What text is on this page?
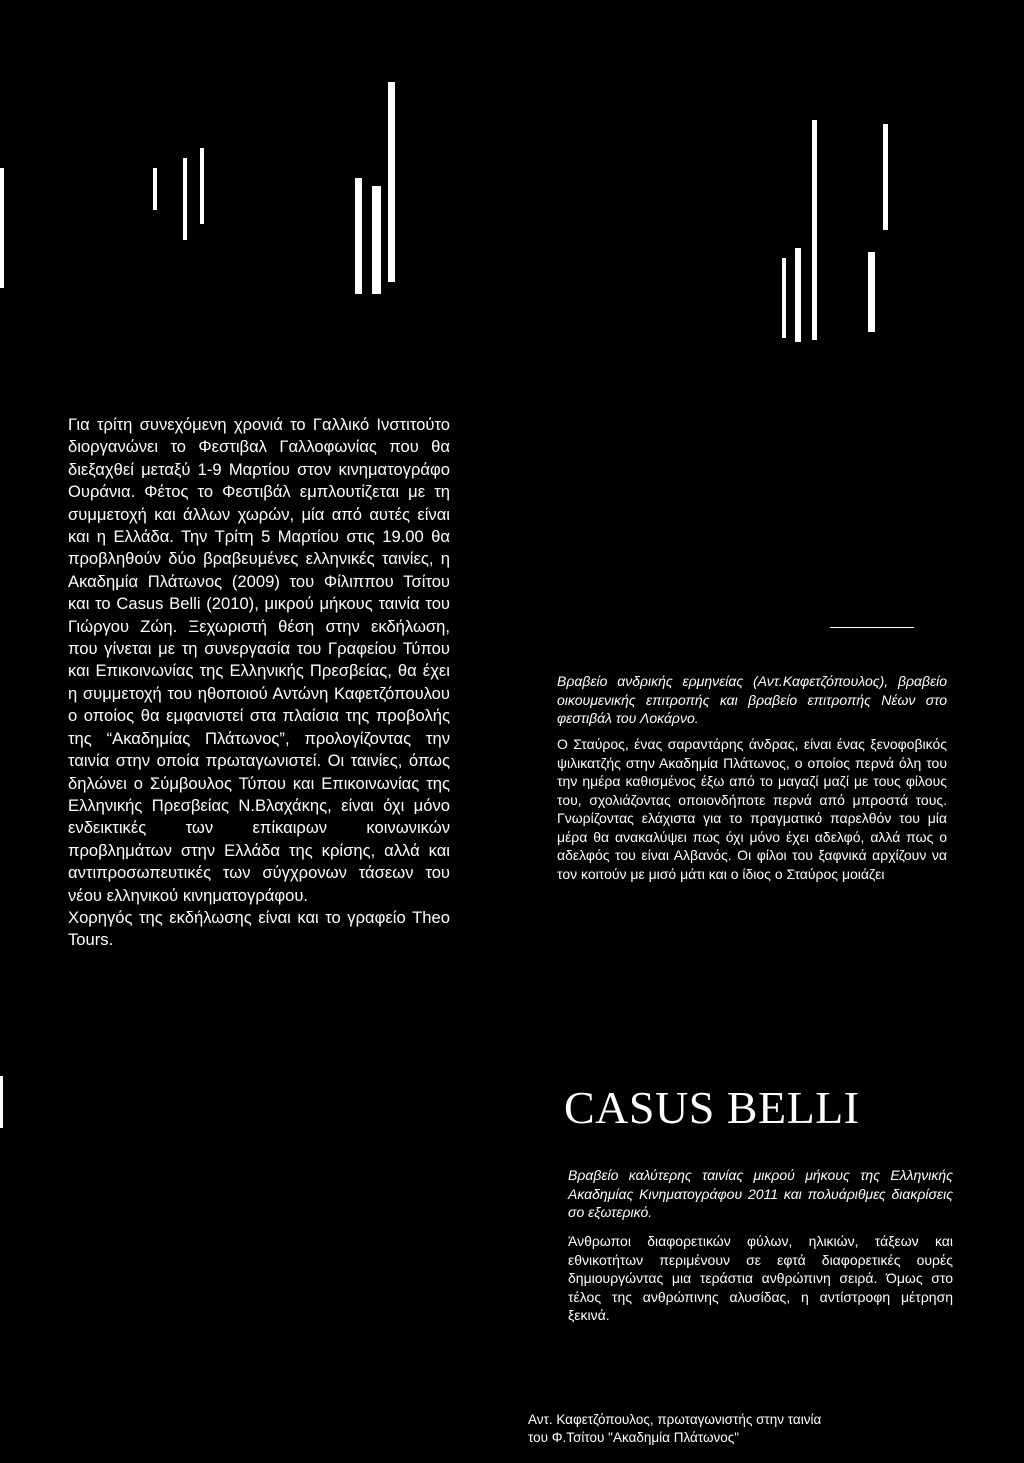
Για τρίτη συνεχόμενη χρονιά το Γαλλικό Ινστιτούτο διοργανώνει το Φεστιβαλ Γαλλοφωνίας που θα διεξαχθεί μεταξύ 1-9 Μαρτίου στον κινηματογράφο Ουράνια. Φέτος το Φεστιβάλ εμπλουτίζεται με τη συμμετοχή και άλλων χωρών, μία από αυτές είναι και η Ελλάδα. Την Τρίτη 5 Μαρτίου στις 19.00 θα προβληθούν δύο βραβευμένες ελληνικές ταινίες, η Ακαδημία Πλάτωνος (2009) του Φίλιππου Τσίτου και το Casus Belli (2010), μικρού μήκους ταινία του Γιώργου Ζώη. Ξεχωριστή θέση στην εκδήλωση, που γίνεται με τη συνεργασία του Γραφείου Τύπου και Επικοινωνίας της Ελληνικής Πρεσβείας, θα έχει η συμμετοχή του ηθοποιού Αντώνη Καφετζόπουλου ο οποίος θα εμφανιστεί στα πλαίσια της προβολής της “Ακαδημίας Πλάτωνος”, προλογίζοντας την ταινία στην οποία πρωταγωνιστεί. Οι ταινίες, όπως δηλώνει ο Σύμβουλος Τύπου και Επικοινωνίας της Ελληνικής Πρεσβείας Ν.Βλαχάκης, είναι όχι μόνο ενδεικτικές των επίκαιρων κοινωνικών προβλημάτων στην Ελλάδα της κρίσης, αλλά και αντιπροσωπευτικές των σύγχρονων τάσεων του νέου ελληνικού κινηματογράφου.

Χορηγός της εκδήλωσης είναι και το γραφείο Theo Tours.

Βραβείο ανδρικής ερμηνείας (Αντ.Καφετζόπουλος), βραβείο οικουμενικής επιτροπής και βραβείο επιτροπής Νέων στο φεστιβάλ του Λοκάρνο.
Ο Σταύρος, ένας σαραντάρης άνδρας, είναι ένας ξενοφοβικός ψιλικατζής στην Ακαδημία Πλάτωνος, ο οποίος περνά όλη του την ημέρα καθισμένος έξω από το μαγαζί μαζί με τους φίλους του, σχολιάζοντας οποιονδήποτε περνά από μπροστά τους. Γνωρίζοντας ελάχιστα για το πραγματικό παρελθόν του μία μέρα θα ανακαλύψει πως όχι μόνο έχει αδελφό, αλλά πως ο αδελφός του είναι Αλβανός. Οι φίλοι του ξαφνικά αρχίζουν να τον κοιτούν με μισό μάτι και ο ίδιος ο Σταύρος μοιάζει
CASUS BELLI
Βραβείο καλύτερης ταινίας μικρού μήκους της Ελληνικής Ακαδημίας Κινηματογράφου 2011 και πολυάριθμες διακρίσεις σο εξωτερικό.
Άνθρωποι διαφορετικών φύλων, ηλικιών, τάξεων και εθνικοτήτων περιμένουν σε εφτά διαφορετικές ουρές δημιουργώντας μια τεράστια ανθρώπινη σειρά. Όμως στο τέλος της ανθρώπινης αλυσίδας, η αντίστροφη μέτρηση ξεκινά.
Αντ. Καφετζόπουλος, πρωταγωνιστής στην ταινία
του Φ.Τσίτου "Ακαδημία Πλάτωνος"
